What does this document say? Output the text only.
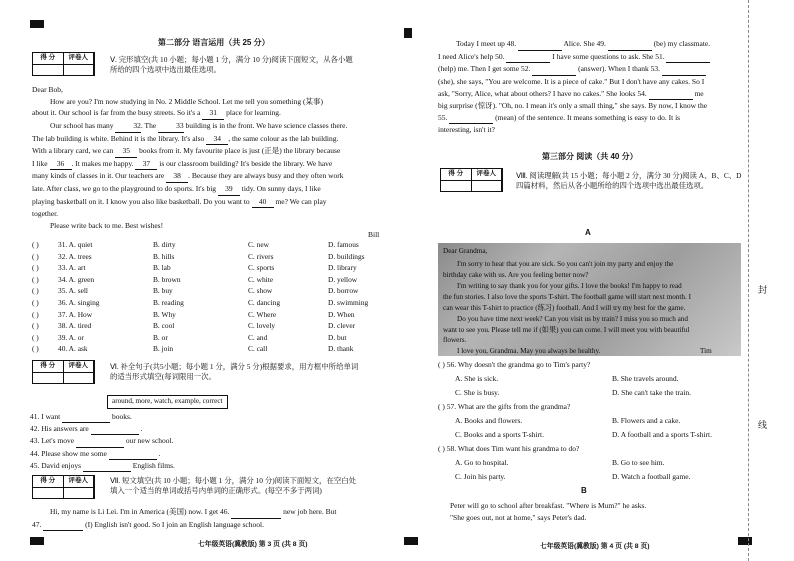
第二部分 语言运用（共 25 分）
得 分	评卷人	Ⅴ. 完形填空(共 10 小题；每小题 1 分，满分 10 分)阅读下面短文，从各小题
所给的四个选项中选出最佳选项。
Dear Bob,
How are you? I'm now studying in No. 2 Middle School. Let me tell you something (某事)
about it. Our school is far from the busy streets. So it's a 31 place for learning.
Our school has many	32. The	33 building is in the front. We have science classes there.
The lab building is white. Behind it is the library. It's also 34 , the same colour as the lab building.
With a library card, we can 35 books from it. My favourite place is just (正是) the library because
I like 36 . It makes me happy. 37 is our classroom building? It's beside the library. We have
many kinds of classes in it. Our teachers are 38 . Because they are always busy and they often work
late. After class, we go to the playground to do sports. It's big 39 tidy. On sunny days, I like
playing basketball on it. I know you also like basketball. Do you want to 40 me? We can play
together.
Please write back to me. Best wishes!
Bill
( )	31. A. quiet	B. dirty	C. new	D. famous
( )	32. A. trees	B. hills	C. rivers	D. buildings
( )	33. A. art	B. lab	C. sports	D. library
( )	34. A. green	B. brown	C. white	D. yellow
( )	35. A. sell	B. buy	C. show	D. borrow
( )	36. A. singing	B. reading	C. dancing	D. swimming
( )	37. A. How	B. Why	C. Where	D. When
( )	38. A. tired	B. cool	C. lovely	D. clever
( )	39. A. or	B. or	C. and	D. but
( )	40. A. ask	B. join	C. call	D. thank
得 分	评卷人	Ⅵ. 补全句子(共5小题；每小题 1 分，满分 5 分)根据要求，用方框中所给单词
的适当形式填空(每词限用一次。
around, more, watch, example, correct
41. I want	books.
42. His answers are	.
43. Let's move	our new school.
44. Please show me some	.
45. David enjoys	English films.
得 分	评卷人	Ⅶ. 短文填空(共 10 小题；每小题 1 分，满分 10 分)阅读下面短文，在空白处
填入一个适当的单词或括号内单词的正确形式。(每空不多于两词)
Hi, my name is Li Lei. I'm in America (美国) now. I get 46.	new job here. But
47.	(I) English isn't good. So I join an English language school.
七年级英语(冀教版) 第 3 页 (共 8 页)
Today I meet up 48.	Alice. She 49.	(be) my classmate.
I need Alice's help 50.	I have some questions to ask. She 51.
(help) me. Then I get some 52.	(answer). When I thank 53.
(she), she says, "You are welcome. It is a piece of cake." But I don't have any cakes. So I
ask, "Sorry, Alice, what about others? I have no cakes." She looks 54.	me
big surprise (惊讶). "Oh, no. I mean it's only a small thing," she says. By now, I know the
55.	(mean) of the sentence. It means something is easy to do. It is
interesting, isn't it?
第三部分 阅读（共 40 分）
得 分	评卷人	Ⅷ. 阅读理解(共 15 小题；每小题 2 分，满分 30 分)阅读 A、B、C、D
四篇材料，然后从各小题所给的四个选项中选出最佳选项。
A

Dear Grandma,

I'm sorry to hear that you are sick. So you can't join my party and enjoy the

birthday cake with us. Are you feeling better now?

I'm writing to say thank you for your gifts. I love the books! I'm happy to read

the fun stories. I also love the sports T-shirt. The football game will start next month. I

can wear this T-shirt to practice (练习) football. And I will try my best for the game.

Do you have time next week? Can you visit us by train? I miss you so much and

want to see you. Please tell me if (如果) you can come. I will meet you with beautiful

flowers.

I love you, Grandma. May you always be healthy.	Tim

( ) 56. Why doesn't the grandma go to Tim's party?
A. She is sick.	B. She travels around.
C. She is busy.	D. She can't take the train.
( ) 57. What are the gifts from the grandma?
A. Books and flowers.	B. Flowers and a cake.
C. Books and a sports T-shirt.	D. A football and a sports T-shirt.
( ) 58. What does Tim want his grandma to do?
A. Go to hospital.	B. Go to see him.
C. Join his party.	D. Watch a football game.
B
Peter will go to school after breakfast. "Where is Mum?" he asks.
"She goes out, not at home," says Peter's dad.
七年级英语(冀教版) 第 4 页 (共 8 页)
封
线
